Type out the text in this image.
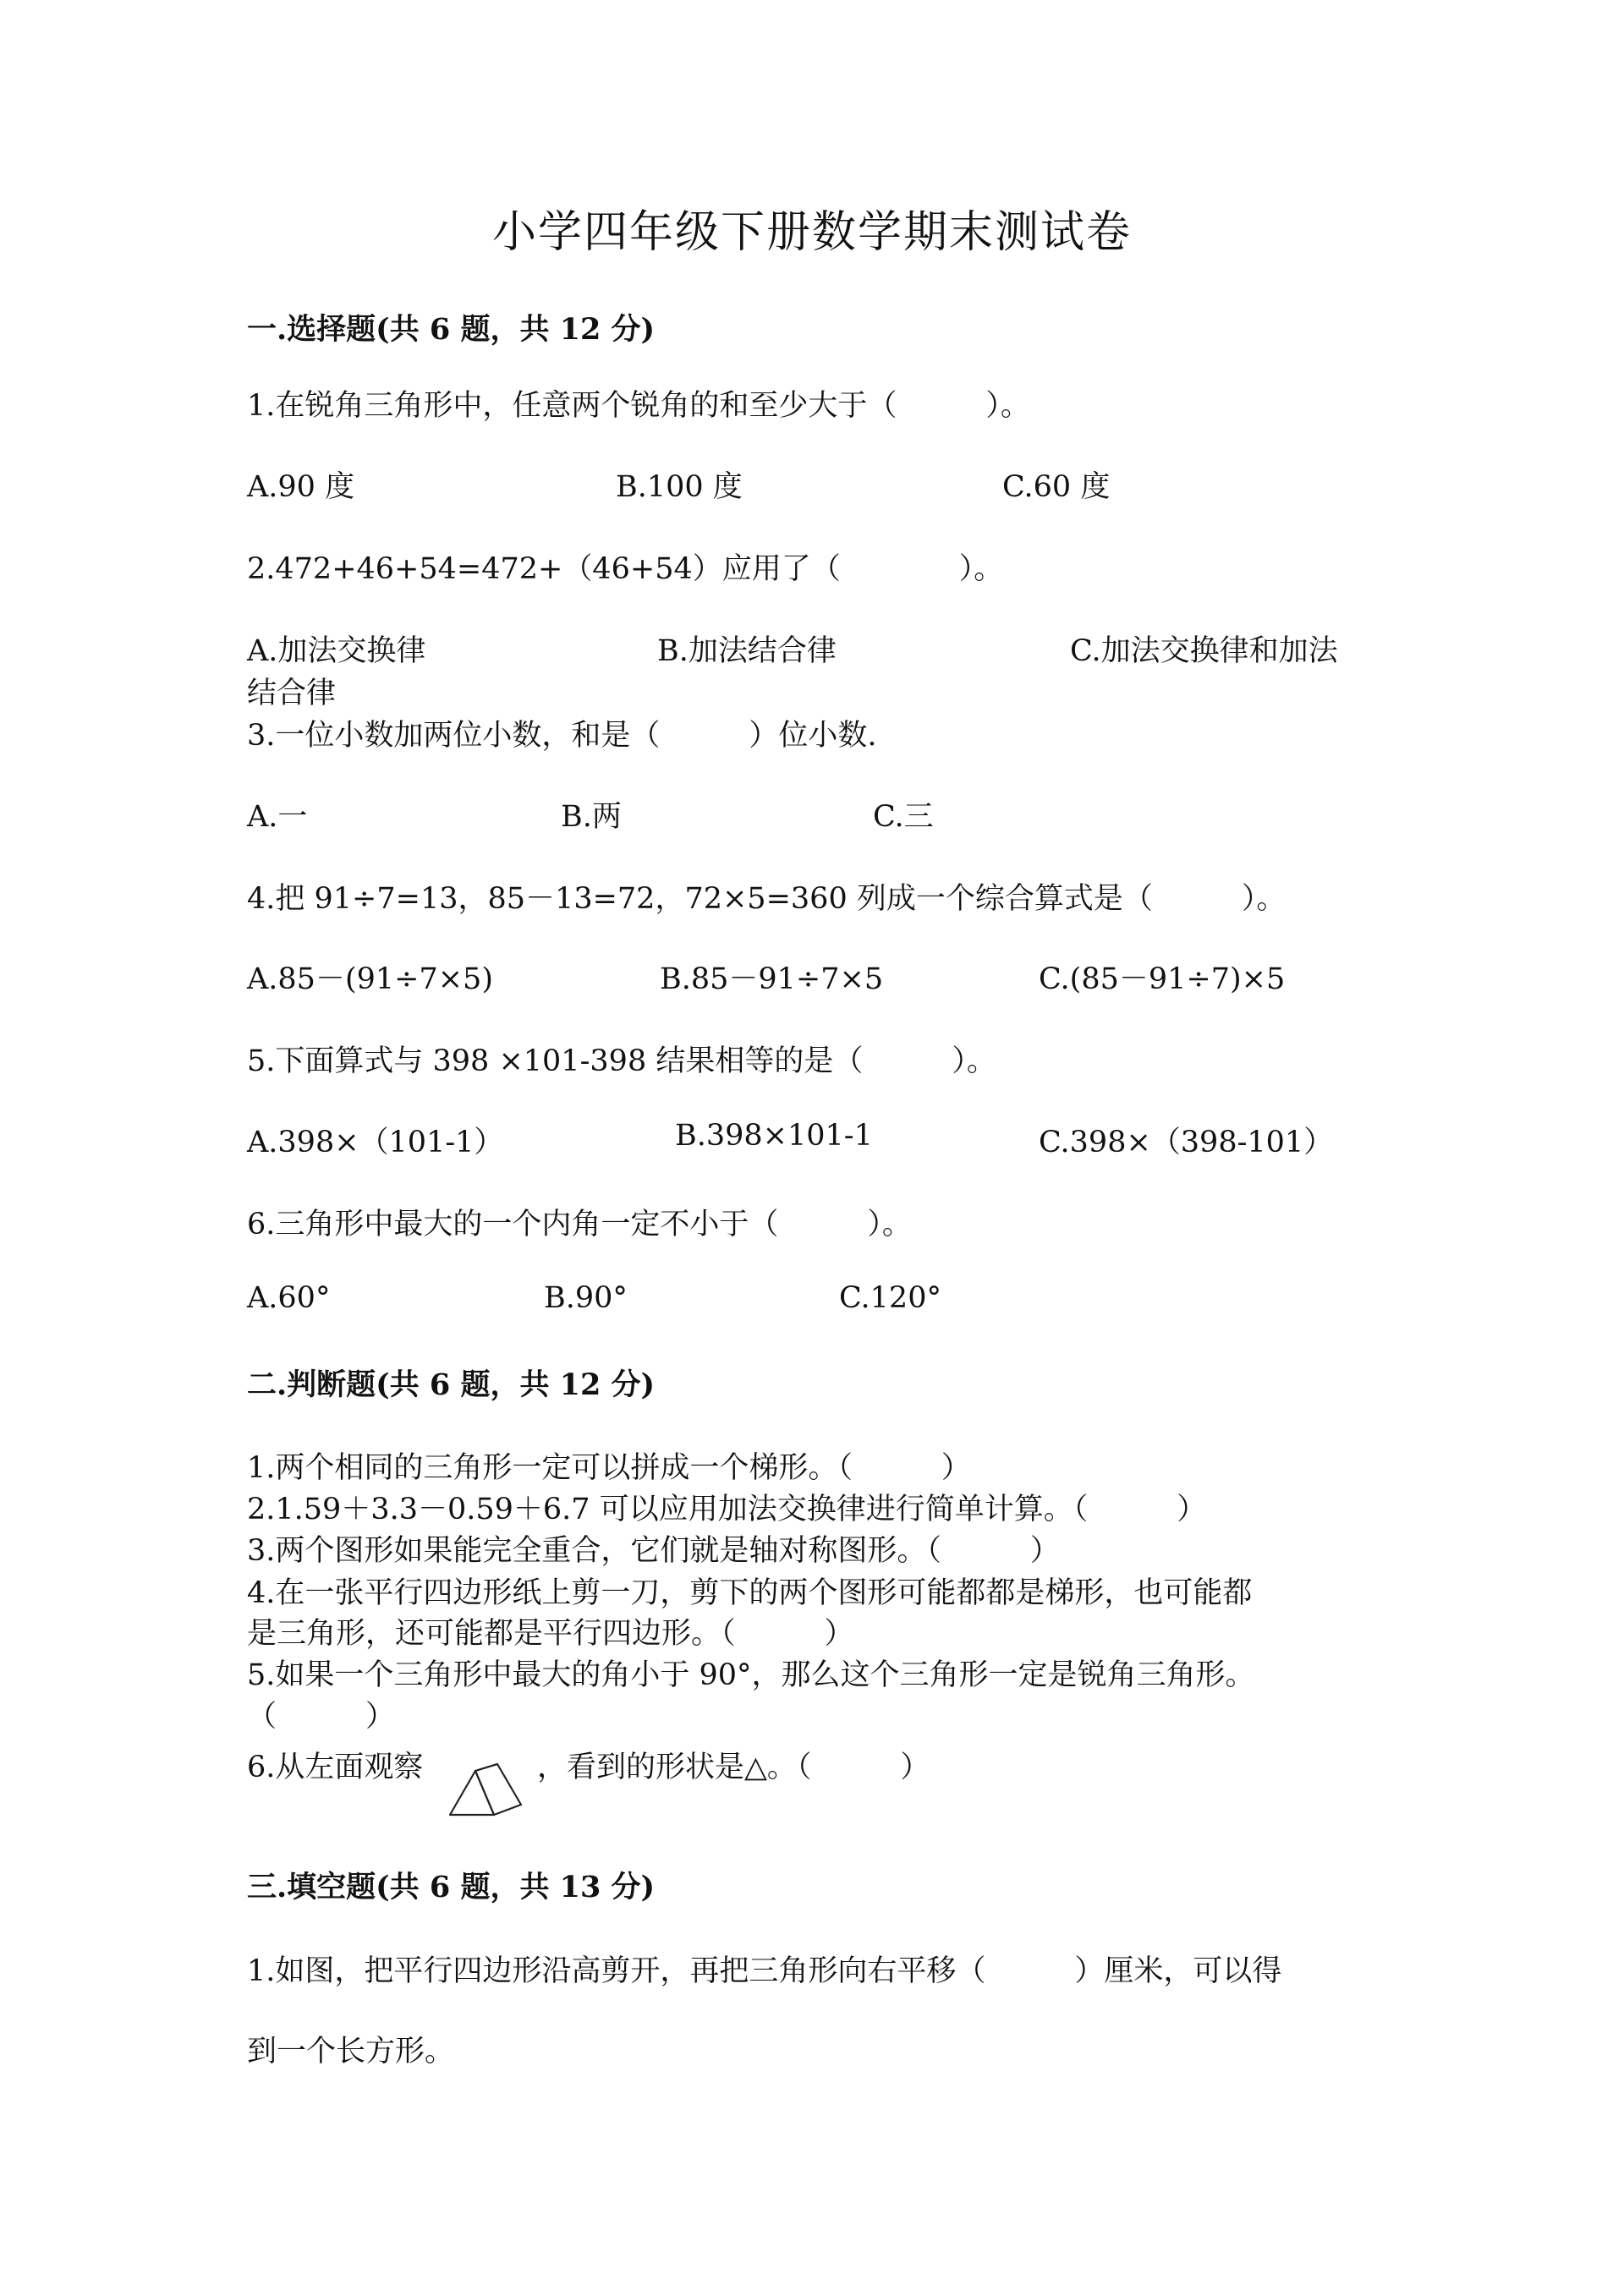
小学四年级下册数学期末测试卷
一.选择题(共 6 题，共 12 分)
1.在锐角三角形中，任意两个锐角的和至少大于（　　　）。
A.90 度	B.100 度	C.60 度
2.472+46+54=472+（46+54）应用了（　　　　）。
A.加法交换律	B.加法结合律	C.加法交换律和加法
结合律
3.一位小数加两位小数，和是（　　　）位小数.
A.一	B.两	C.三
4.把 91÷7=13，85－13=72，72×5=360 列成一个综合算式是（　　　）。
A.85－(91÷7×5)	B.85－91÷7×5	C.(85－91÷7)×5
5.下面算式与 398 ×101-398 结果相等的是（　　　）。
A.398×（101-1）	B.398×101-1	C.398×（398-101）
6.三角形中最大的一个内角一定不小于（　　　）。
A.60°	B.90°	C.120°
二.判断题(共 6 题，共 12 分)
1.两个相同的三角形一定可以拼成一个梯形。（　　　）
2.1.59＋3.3－0.59＋6.7 可以应用加法交换律进行简单计算。（　　　）
3.两个图形如果能完全重合，它们就是轴对称图形。（　　　）
4.在一张平行四边形纸上剪一刀，剪下的两个图形可能都都是梯形，也可能都
是三角形，还可能都是平行四边形。（　　　）
5.如果一个三角形中最大的角小于 90°，那么这个三角形一定是锐角三角形。
（　　　）
6.从左面观察	，看到的形状是△。（　　　）
三.填空题(共 6 题，共 13 分)
1.如图，把平行四边形沿高剪开，再把三角形向右平移（　　　）厘米，可以得
到一个长方形。
